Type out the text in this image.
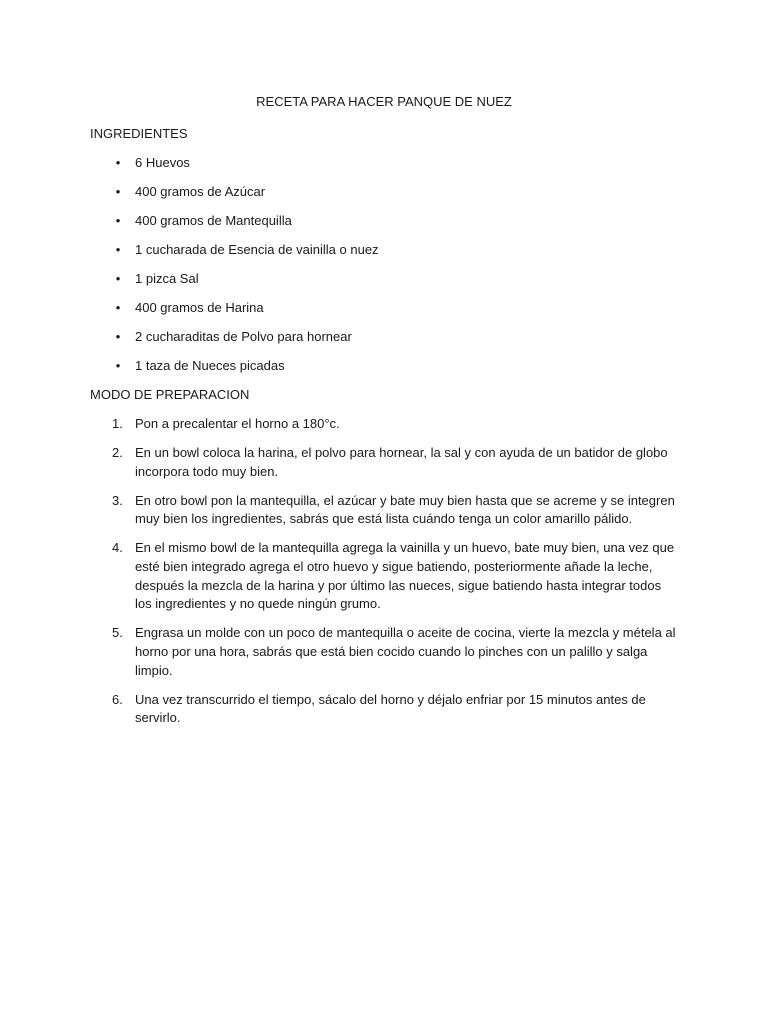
RECETA PARA HACER PANQUE DE NUEZ

INGREDIENTES

• 6 Huevos
• 400 gramos de Azúcar
• 400 gramos de Mantequilla
• 1 cucharada de Esencia de vainilla o nuez
• 1 pizca Sal
• 400 gramos de Harina
• 2 cucharaditas de Polvo para hornear
• 1 taza de Nueces picadas

MODO DE PREPARACION

1. Pon a precalentar el horno a 180°c.
2. En un bowl coloca la harina, el polvo para hornear, la sal y con ayuda de un batidor de globo incorpora todo muy bien.
3. En otro bowl pon la mantequilla, el azúcar y bate muy bien hasta que se acreme y se integren muy bien los ingredientes, sabrás que está lista cuándo tenga un color amarillo pálido.
4. En el mismo bowl de la mantequilla agrega la vainilla y un huevo, bate muy bien, una vez que esté bien integrado agrega el otro huevo y sigue batiendo, posteriormente añade la leche, después la mezcla de la harina y por último las nueces, sigue batiendo hasta integrar todos los ingredientes y no quede ningún grumo.
5. Engrasa un molde con un poco de mantequilla o aceite de cocina, vierte la mezcla y métela al horno por una hora, sabrás que está bien cocido cuando lo pinches con un palillo y salga limpio.
6. Una vez transcurrido el tiempo, sácalo del horno y déjalo enfriar por 15 minutos antes de servirlo.
